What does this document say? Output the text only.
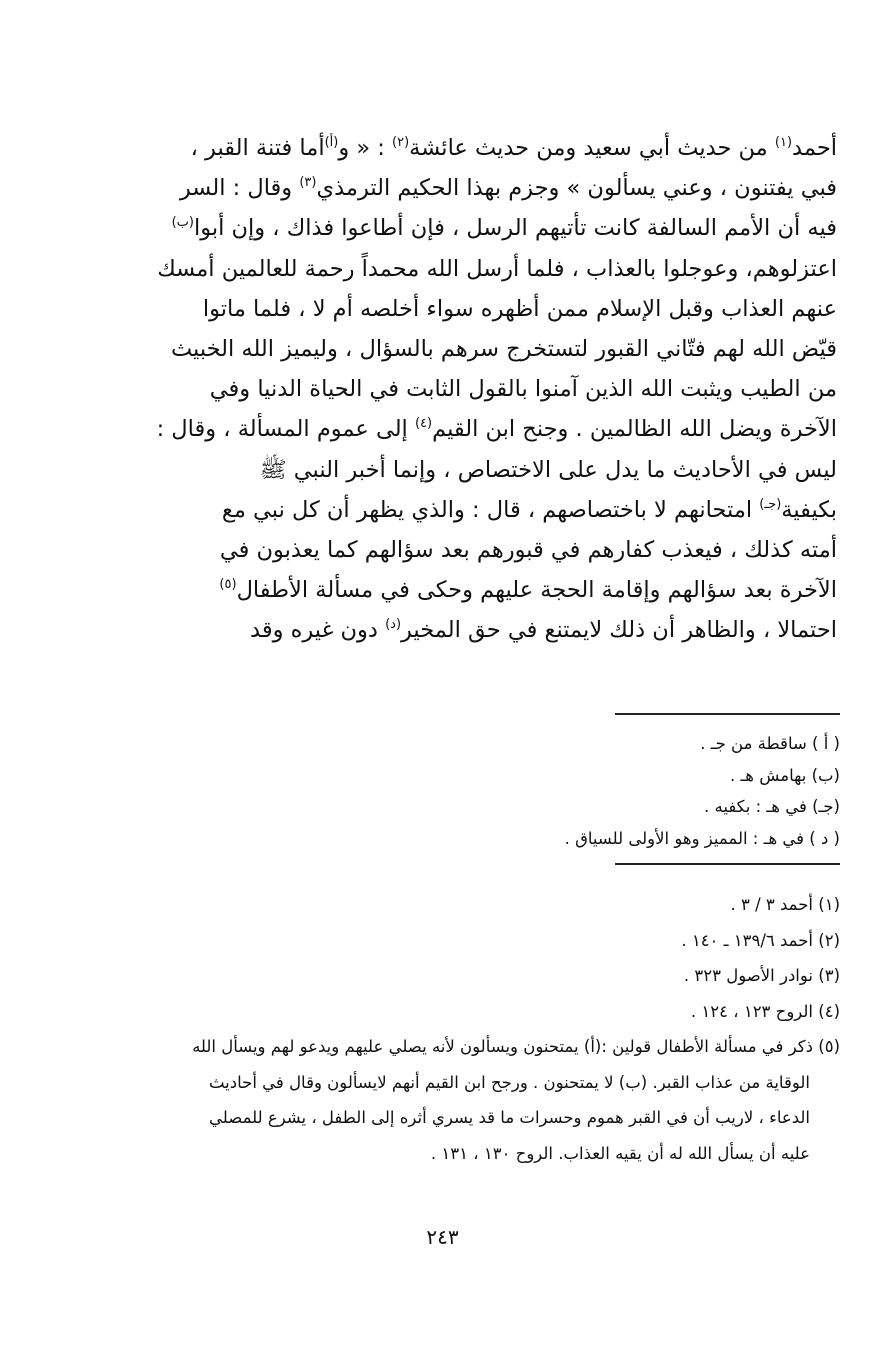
أحمد$^{(١)}$ من حديث أبي سعيد ومن حديث عائشة$^{(٢)}$ : « و$^{(أ)}$أما فتنة القبر ،
فبي يفتنون ، وعني يسألون » وجزم بهذا الحكيم الترمذي$^{(٣)}$ وقال : السر
فيه أن الأمم السالفة كانت تأتيهم الرسل ، فإن أطاعوا فذاك ، وإن أبوا$^{(ب)}$
اعتزلوهم، وعوجلوا بالعذاب ، فلما أرسل الله محمداً رحمة للعالمين أمسك
عنهم العذاب وقبل الإسلام ممن أظهره سواء أخلصه أم لا ، فلما ماتوا
قيّض الله لهم فتّاني القبور لتستخرج سرهم بالسؤال ، وليميز الله الخبيث
من الطيب ويثبت الله الذين آمنوا بالقول الثابت في الحياة الدنيا وفي
الآخرة ويضل الله الظالمين . وجنح ابن القيم$^{(٤)}$ إلى عموم المسألة ، وقال :
ليس في الأحاديث ما يدل على الاختصاص ، وإنما أخبر النبي ﷺ
بكيفية$^{(جـ)}$ امتحانهم لا باختصاصهم ، قال : والذي يظهر أن كل نبي مع
أمته كذلك ، فيعذب كفارهم في قبورهم بعد سؤالهم كما يعذبون في
الآخرة بعد سؤالهم وإقامة الحجة عليهم وحكى في مسألة الأطفال$^{(٥)}$
احتمالا ، والظاهر أن ذلك لايمتنع في حق المخير$^{(د)}$ دون غيره وقد
( أ ) ساقطة من جـ .
(ب) بهامش هـ .
(جـ) في هـ : بكفيه .
( د ) في هـ : المميز وهو الأولى للسياق .
(١) أحمد ٣ / ٣ .
(٢) أحمد ١٣٩/٦ ـ ١٤٠ .
(٣) نوادر الأصول ٣٢٣ .
(٤) الروح ١٢٣ ، ١٢٤ .
(٥) ذكر في مسألة الأطفال قولين :(أ) يمتحنون ويسألون لأنه يصلي عليهم ويدعو لهم ويسأل الله
الوقاية من عذاب القبر. (ب) لا يمتحنون . ورجح ابن القيم أنهم لايسألون وقال في أحاديث
الدعاء ، لاريب أن في القبر هموم وحسرات ما قد يسري أثره إلى الطفل ، يشرع للمصلي
عليه أن يسأل الله له أن يقيه العذاب. الروح ١٣٠ ، ١٣١ .
٢٤٣
